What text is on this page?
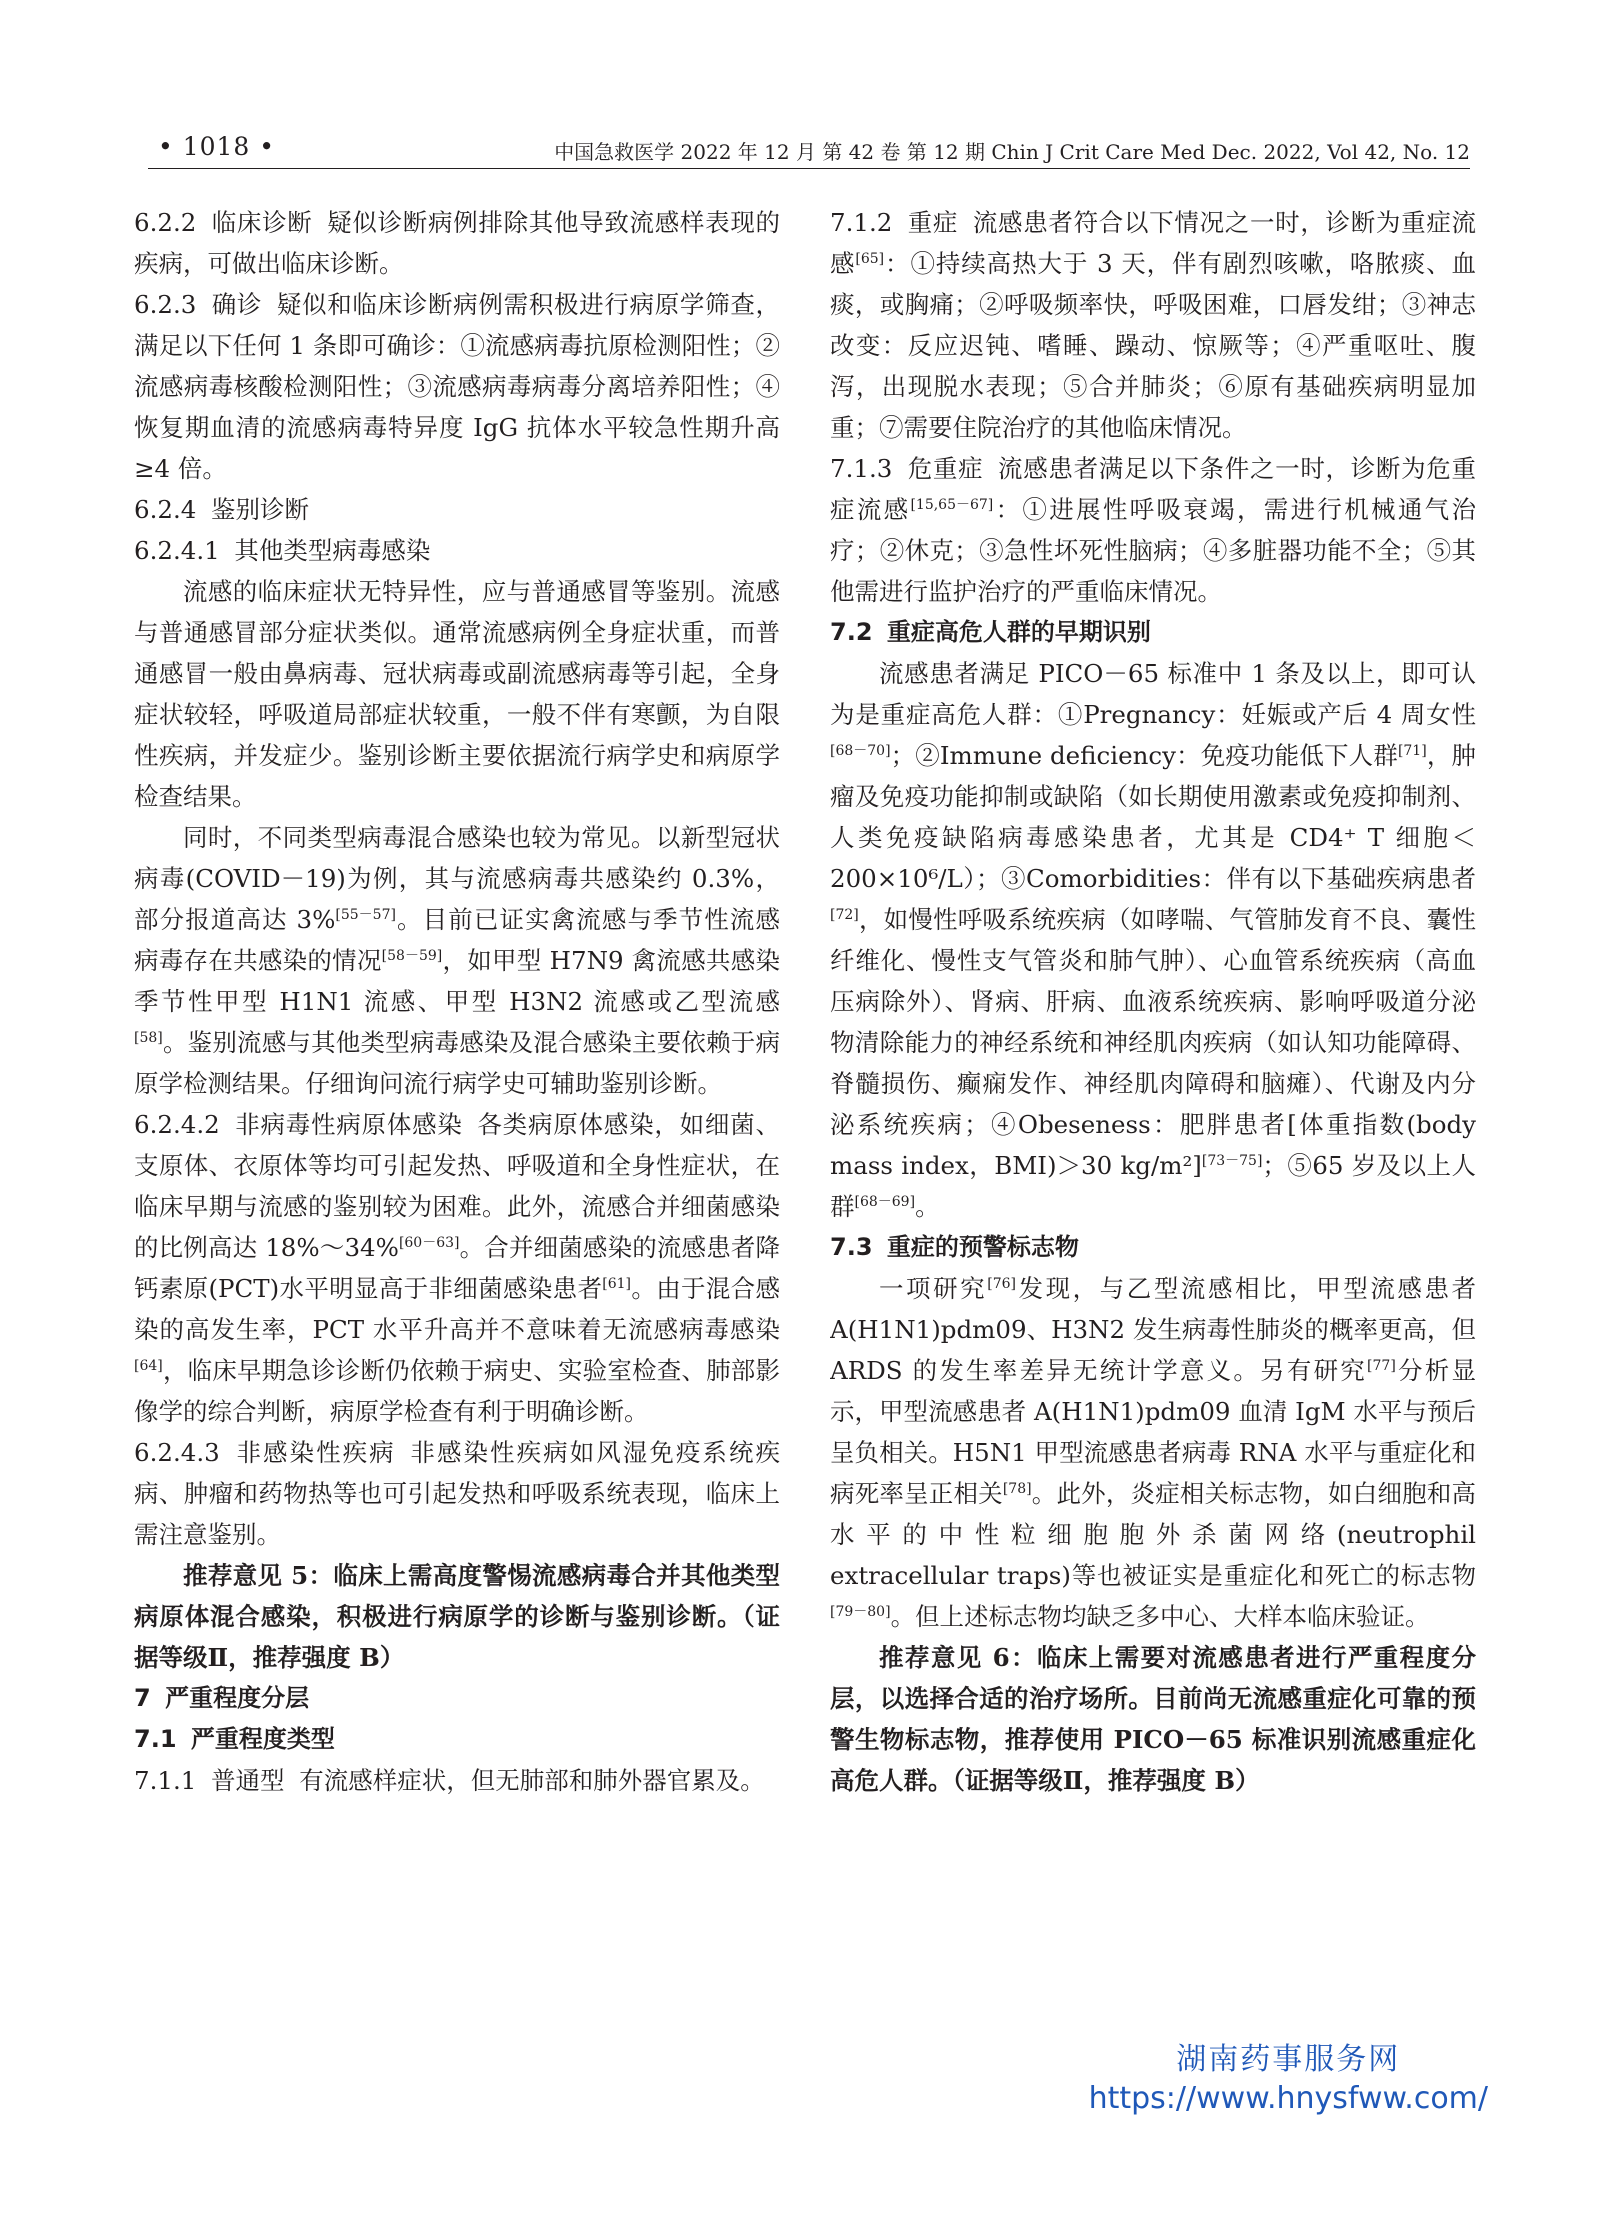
• 1018 •	中国急救医学 2022 年 12 月 第 42 卷 第 12 期 Chin J Crit Care Med Dec. 2022, Vol 42, No. 12

6.2.2 临床诊断 疑似诊断病例排除其他导致流感样表现的疾病，可做出临床诊断。

6.2.3 确诊 疑似和临床诊断病例需积极进行病原学筛查，满足以下任何 1 条即可确诊：①流感病毒抗原检测阳性；②流感病毒核酸检测阳性；③流感病毒病毒分离培养阳性；④恢复期血清的流感病毒特异度 IgG 抗体水平较急性期升高≥4 倍。

6.2.4 鉴别诊断

6.2.4.1 其他类型病毒感染

流感的临床症状无特异性，应与普通感冒等鉴别。流感与普通感冒部分症状类似。通常流感病例全身症状重，而普通感冒一般由鼻病毒、冠状病毒或副流感病毒等引起，全身症状较轻，呼吸道局部症状较重，一般不伴有寒颤，为自限性疾病，并发症少。鉴别诊断主要依据流行病学史和病原学检查结果。

同时，不同类型病毒混合感染也较为常见。以新型冠状病毒(COVID－19)为例，其与流感病毒共感染约 0.3%，部分报道高达 3%[55－57]。目前已证实禽流感与季节性流感病毒存在共感染的情况[58－59]，如甲型 H7N9 禽流感共感染季节性甲型 H1N1 流感、甲型 H3N2 流感或乙型流感[58]。鉴别流感与其他类型病毒感染及混合感染主要依赖于病原学检测结果。仔细询问流行病学史可辅助鉴别诊断。

6.2.4.2 非病毒性病原体感染 各类病原体感染，如细菌、支原体、衣原体等均可引起发热、呼吸道和全身性症状，在临床早期与流感的鉴别较为困难。此外，流感合并细菌感染的比例高达 18%～34%[60－63]。合并细菌感染的流感患者降钙素原(PCT)水平明显高于非细菌感染患者[61]。由于混合感染的高发生率，PCT 水平升高并不意味着无流感病毒感染[64]，临床早期急诊诊断仍依赖于病史、实验室检查、肺部影像学的综合判断，病原学检查有利于明确诊断。

6.2.4.3 非感染性疾病 非感染性疾病如风湿免疫系统疾病、肿瘤和药物热等也可引起发热和呼吸系统表现，临床上需注意鉴别。

推荐意见 5：临床上需高度警惕流感病毒合并其他类型病原体混合感染，积极进行病原学的诊断与鉴别诊断。（证据等级Ⅱ，推荐强度 B）

7 严重程度分层

7.1 严重程度类型

7.1.1 普通型 有流感样症状，但无肺部和肺外器官累及。

7.1.2 重症 流感患者符合以下情况之一时，诊断为重症流感[65]：①持续高热大于 3 天，伴有剧烈咳嗽，咯脓痰、血痰，或胸痛；②呼吸频率快，呼吸困难，口唇发绀；③神志改变：反应迟钝、嗜睡、躁动、惊厥等；④严重呕吐、腹泻，出现脱水表现；⑤合并肺炎；⑥原有基础疾病明显加重；⑦需要住院治疗的其他临床情况。

7.1.3 危重症 流感患者满足以下条件之一时，诊断为危重症流感[15,65－67]：①进展性呼吸衰竭，需进行机械通气治疗；②休克；③急性坏死性脑病；④多脏器功能不全；⑤其他需进行监护治疗的严重临床情况。

7.2 重症高危人群的早期识别

流感患者满足 PICO－65 标准中 1 条及以上，即可认为是重症高危人群：①Pregnancy：妊娠或产后 4 周女性[68－70]；②Immune deficiency：免疫功能低下人群[71]，肿瘤及免疫功能抑制或缺陷（如长期使用激素或免疫抑制剂、人类免疫缺陷病毒感染患者，尤其是 CD4⁺ T 细胞＜200×10⁶/L）；③Comorbidities：伴有以下基础疾病患者[72]，如慢性呼吸系统疾病（如哮喘、气管肺发育不良、囊性纤维化、慢性支气管炎和肺气肿）、心血管系统疾病（高血压病除外）、肾病、肝病、血液系统疾病、影响呼吸道分泌物清除能力的神经系统和神经肌肉疾病（如认知功能障碍、脊髓损伤、癫痫发作、神经肌肉障碍和脑瘫）、代谢及内分泌系统疾病；④Obeseness：肥胖患者[体重指数(body mass index，BMI)＞30 kg/m²][73－75]；⑤65 岁及以上人群[68－69]。

7.3 重症的预警标志物

一项研究[76]发现，与乙型流感相比，甲型流感患者 A(H1N1)pdm09、H3N2 发生病毒性肺炎的概率更高，但 ARDS 的发生率差异无统计学意义。另有研究[77]分析显示，甲型流感患者 A(H1N1)pdm09 血清 IgM 水平与预后呈负相关。H5N1 甲型流感患者病毒 RNA 水平与重症化和病死率呈正相关[78]。此外，炎症相关标志物，如白细胞和高水平的中性粒细胞胞外杀菌网络(neutrophil extracellular traps)等也被证实是重症化和死亡的标志物[79－80]。但上述标志物均缺乏多中心、大样本临床验证。

推荐意见 6：临床上需要对流感患者进行严重程度分层，以选择合适的治疗场所。目前尚无流感重症化可靠的预警生物标志物，推荐使用 PICO－65 标准识别流感重症化高危人群。（证据等级Ⅱ，推荐强度 B）

湖南药事服务网
https://www.hnysfww.com/
